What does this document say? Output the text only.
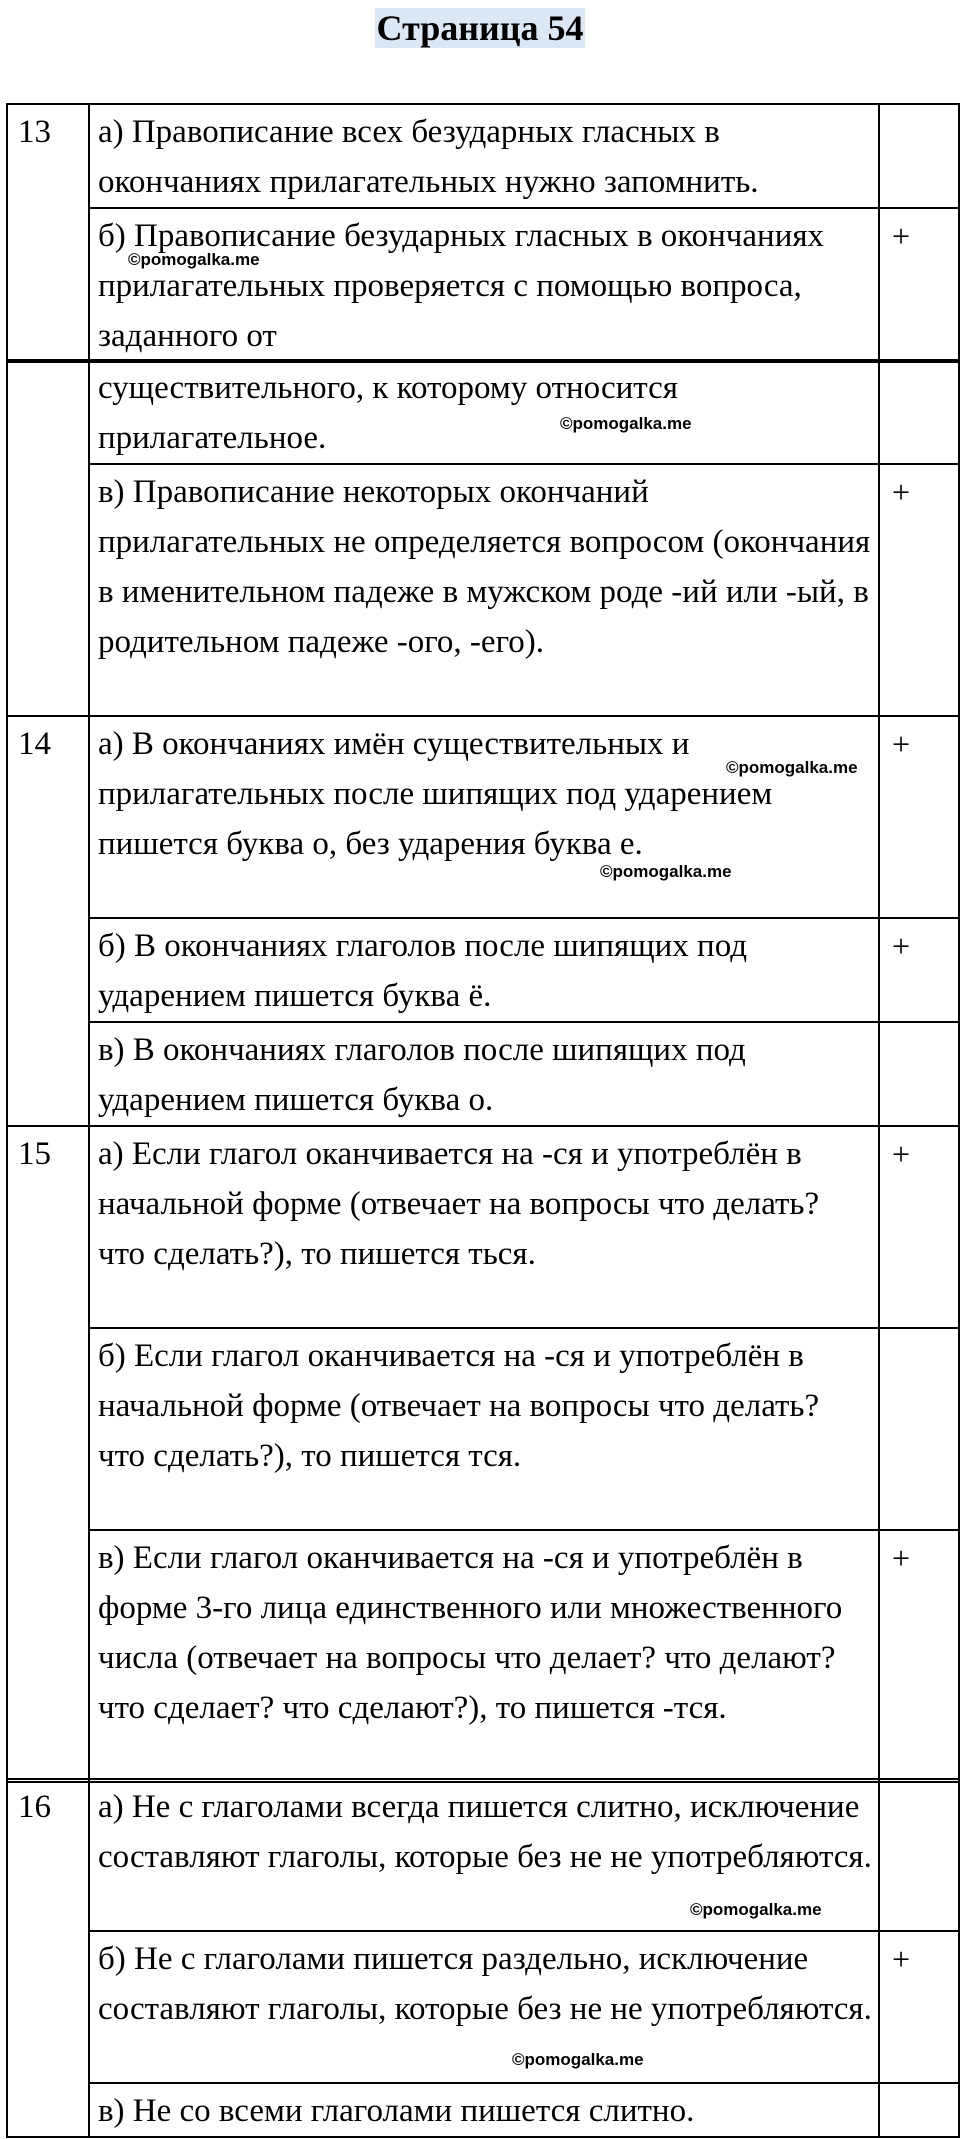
Страница 54
13	а) Правописание всех безударных гласных в окончаниях прилагательных нужно запомнить.	
	б) Правописание безударных гласных в окончаниях прилагательных проверяется с помощью вопроса, заданного от	+
	существительного, к которому относится прилагательное.	
	в) Правописание некоторых окончаний прилагательных не определяется вопросом (окончания в именительном падеже в мужском роде -ий или -ый, в родительном падеже -ого, -его).	+
14	а) В окончаниях имён существительных и прилагательных после шипящих под ударением пишется буква о, без ударения буква е.	+
	б) В окончаниях глаголов после шипящих под ударением пишется буква ё.	+
	в) В окончаниях глаголов после шипящих под ударением пишется буква о.	
15	а) Если глагол оканчивается на -ся и употреблён в начальной форме (отвечает на вопросы что делать? что сделать?), то пишется ться.	+
	б) Если глагол оканчивается на -ся и употреблён в начальной форме (отвечает на вопросы что делать? что сделать?), то пишется тся.	
	в) Если глагол оканчивается на -ся и употреблён в форме 3-го лица единственного или множественного числа (отвечает на вопросы что делает? что делают? что сделает? что сделают?), то пишется -тся.	+
16	а) Не с глаголами всегда пишется слитно, исключение составляют глаголы, которые без не не употребляются.	
	б) Не с глаголами пишется раздельно, исключение составляют глаголы, которые без не не употребляются.	+
	в) Не со всеми глаголами пишется слитно.	
©pomogalka.me
©pomogalka.me
©pomogalka.me
©pomogalka.me
©pomogalka.me
©pomogalka.me
